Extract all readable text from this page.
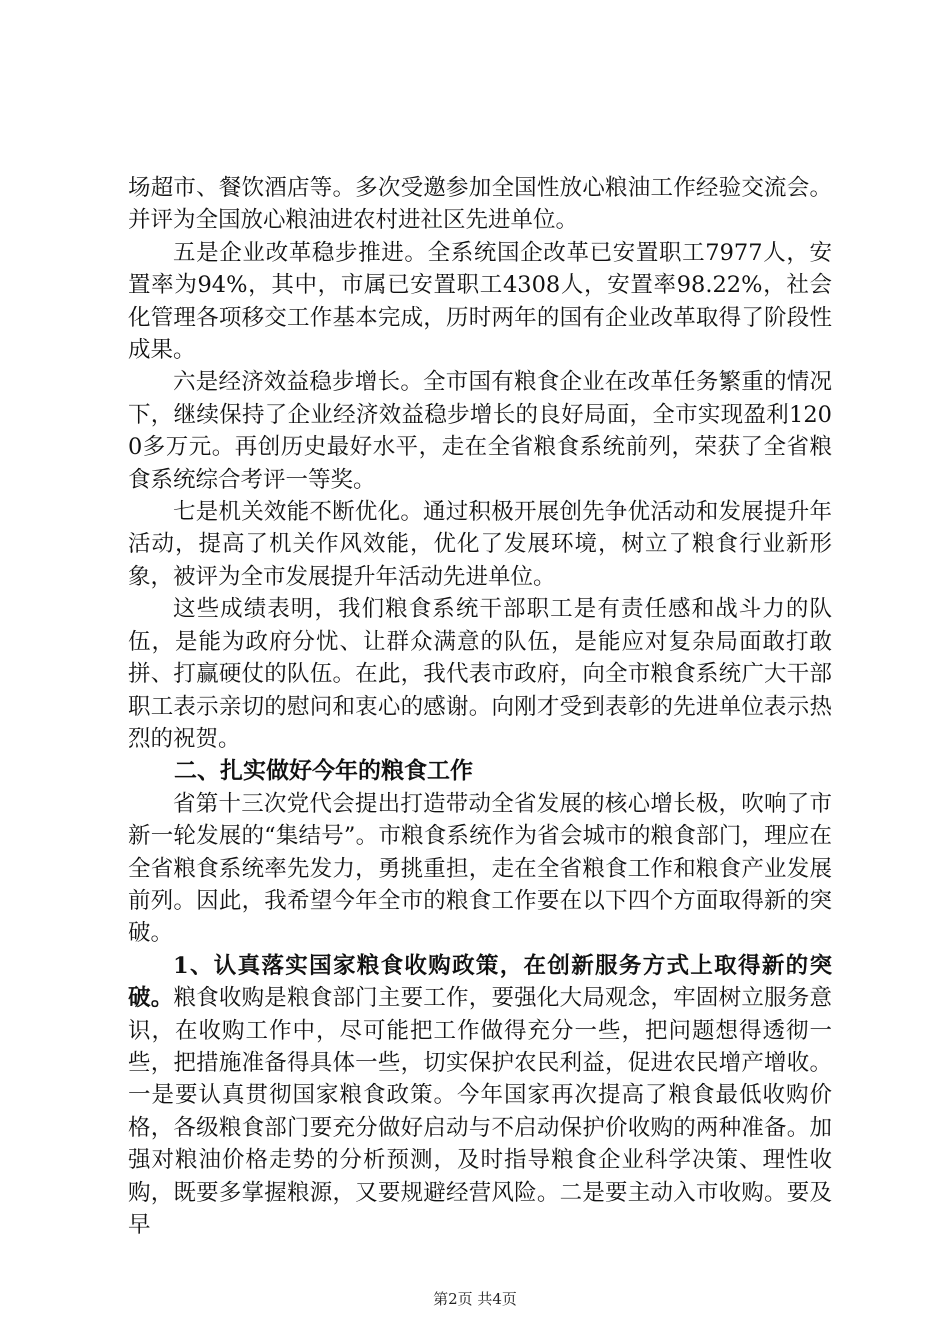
场超市、餐饮酒店等。多次受邀参加全国性放心粮油工作经验交流会。并评为全国放心粮油进农村进社区先进单位。

五是企业改革稳步推进。全系统国企改革已安置职工7977人，安置率为94%，其中，市属已安置职工4308人，安置率98.22%，社会化管理各项移交工作基本完成，历时两年的国有企业改革取得了阶段性成果。

六是经济效益稳步增长。全市国有粮食企业在改革任务繁重的情况下，继续保持了企业经济效益稳步增长的良好局面，全市实现盈利1200多万元。再创历史最好水平，走在全省粮食系统前列，荣获了全省粮食系统综合考评一等奖。

七是机关效能不断优化。通过积极开展创先争优活动和发展提升年活动，提高了机关作风效能，优化了发展环境，树立了粮食行业新形象，被评为全市发展提升年活动先进单位。

这些成绩表明，我们粮食系统干部职工是有责任感和战斗力的队伍，是能为政府分忧、让群众满意的队伍，是能应对复杂局面敢打敢拼、打赢硬仗的队伍。在此，我代表市政府，向全市粮食系统广大干部职工表示亲切的慰问和衷心的感谢。向刚才受到表彰的先进单位表示热烈的祝贺。

二、扎实做好今年的粮食工作

省第十三次党代会提出打造带动全省发展的核心增长极，吹响了市新一轮发展的“集结号”。市粮食系统作为省会城市的粮食部门，理应在全省粮食系统率先发力，勇挑重担，走在全省粮食工作和粮食产业发展前列。因此，我希望今年全市的粮食工作要在以下四个方面取得新的突破。

1、认真落实国家粮食收购政策，在创新服务方式上取得新的突破。粮食收购是粮食部门主要工作，要强化大局观念，牢固树立服务意识，在收购工作中，尽可能把工作做得充分一些，把问题想得透彻一些，把措施准备得具体一些，切实保护农民利益，促进农民增产增收。一是要认真贯彻国家粮食政策。今年国家再次提高了粮食最低收购价格，各级粮食部门要充分做好启动与不启动保护价收购的两种准备。加强对粮油价格走势的分析预测，及时指导粮食企业科学决策、理性收购，既要多掌握粮源，又要规避经营风险。二是要主动入市收购。要及早

第2页 共4页
